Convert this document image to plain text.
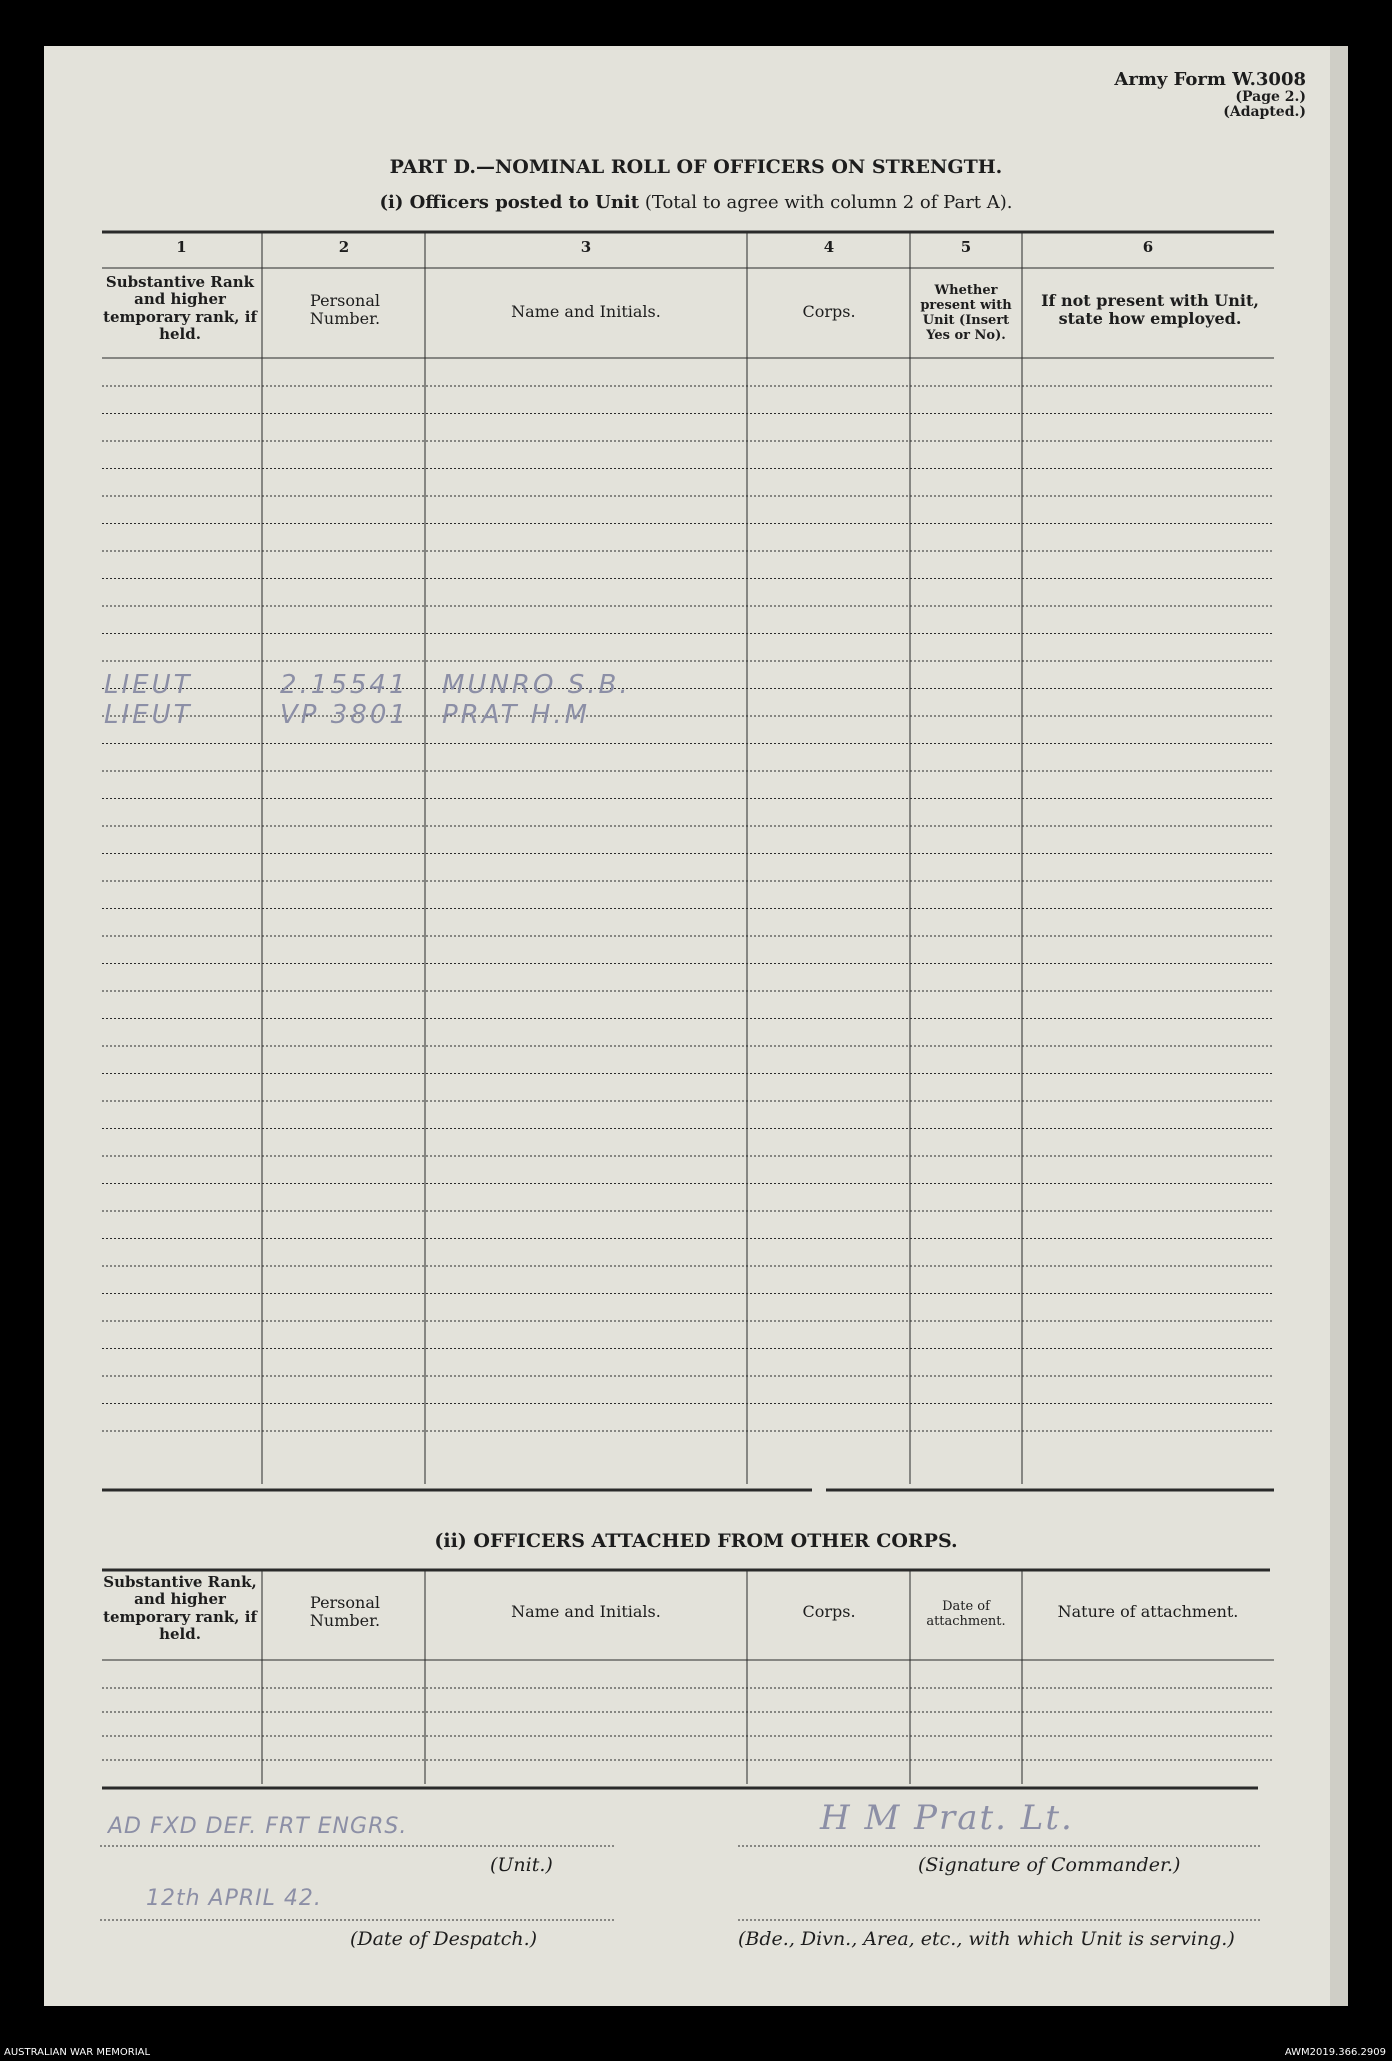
Army Form W.3008
(Page 2.)
(Adapted.)
PART D.—NOMINAL ROLL OF OFFICERS ON STRENGTH.
(i) Officers posted to Unit (Total to agree with column 2 of Part A).
1	2	3	4	5	6
Substantive Rank and higher temporary rank, if held.
Personal Number.	Name and Initials.	Corps.
Whether present with Unit (Insert Yes or No).
If not present with Unit, state how employed.
LIEUT	2.15541 MUNRO S.B.
LIEUT	VP 3801 PRAT H.M
(ii) OFFICERS ATTACHED FROM OTHER CORPS.
Substantive Rank, and higher temporary rank, if held.
Personal Number.	Name and Initials.	Corps.	Date of attachment.
Nature of attachment.
AD FXD DEF. FRT ENGRS.
(Unit.)
H M Prat. Lt.
(Signature of Commander.)
12th APRIL 42.
(Date of Despatch.)	(Bde., Divn., Area, etc., with which Unit is serving.)
AUSTRALIAN WAR MEMORIAL	AWM2019.366.2909
